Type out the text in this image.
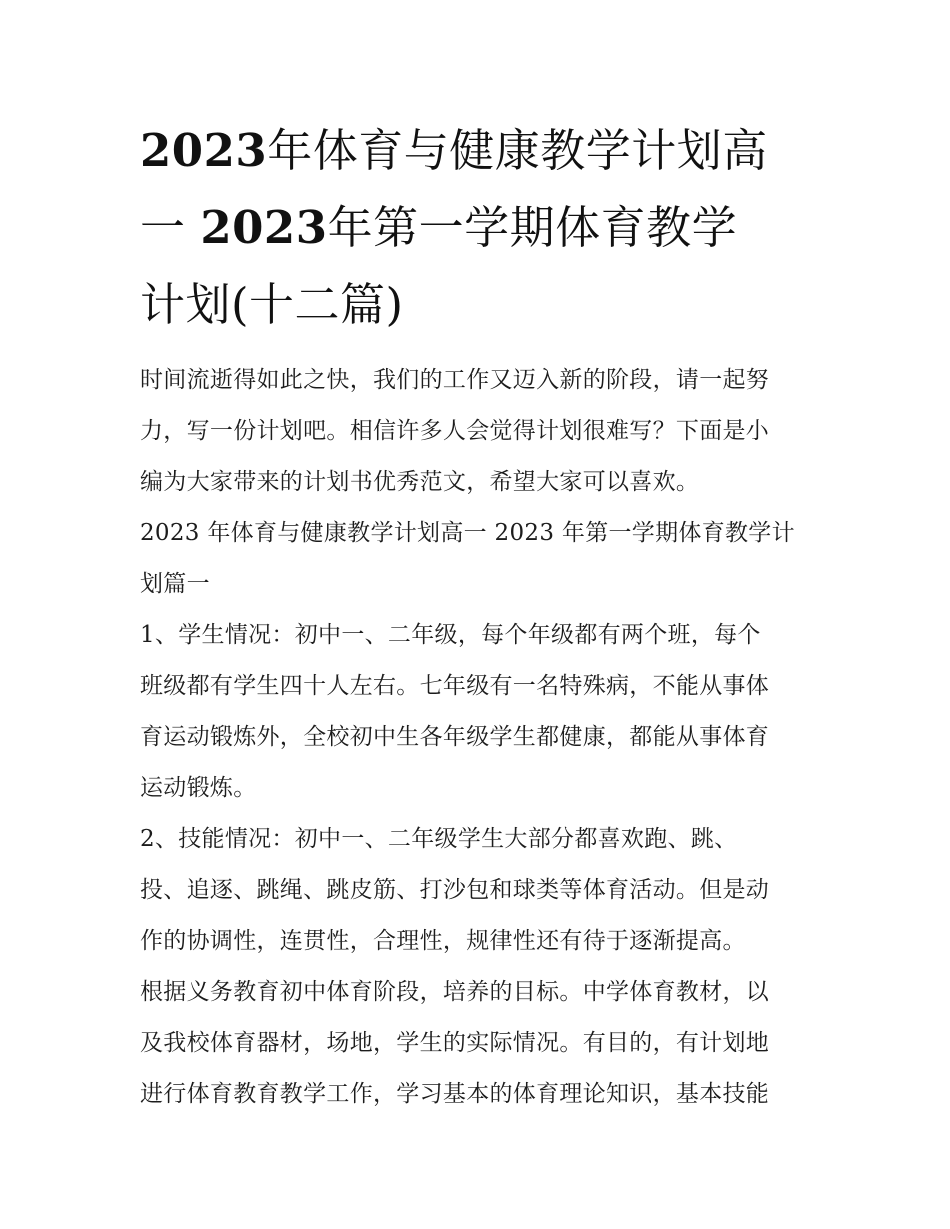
2023年体育与健康教学计划高
一 2023年第一学期体育教学
计划(十二篇)

时间流逝得如此之快，我们的工作又迈入新的阶段，请一起努
力，写一份计划吧。相信许多人会觉得计划很难写？下面是小
编为大家带来的计划书优秀范文，希望大家可以喜欢。

2023 年体育与健康教学计划高一 2023 年第一学期体育教学计
划篇一

1、学生情况：初中一、二年级，每个年级都有两个班，每个
班级都有学生四十人左右。七年级有一名特殊病，不能从事体
育运动锻炼外，全校初中生各年级学生都健康，都能从事体育
运动锻炼。

2、技能情况：初中一、二年级学生大部分都喜欢跑、跳、
投、追逐、跳绳、跳皮筋、打沙包和球类等体育活动。但是动
作的协调性，连贯性，合理性，规律性还有待于逐渐提高。

根据义务教育初中体育阶段，培养的目标。中学体育教材，以
及我校体育器材，场地，学生的实际情况。有目的，有计划地
进行体育教育教学工作，学习基本的体育理论知识，基本技能
